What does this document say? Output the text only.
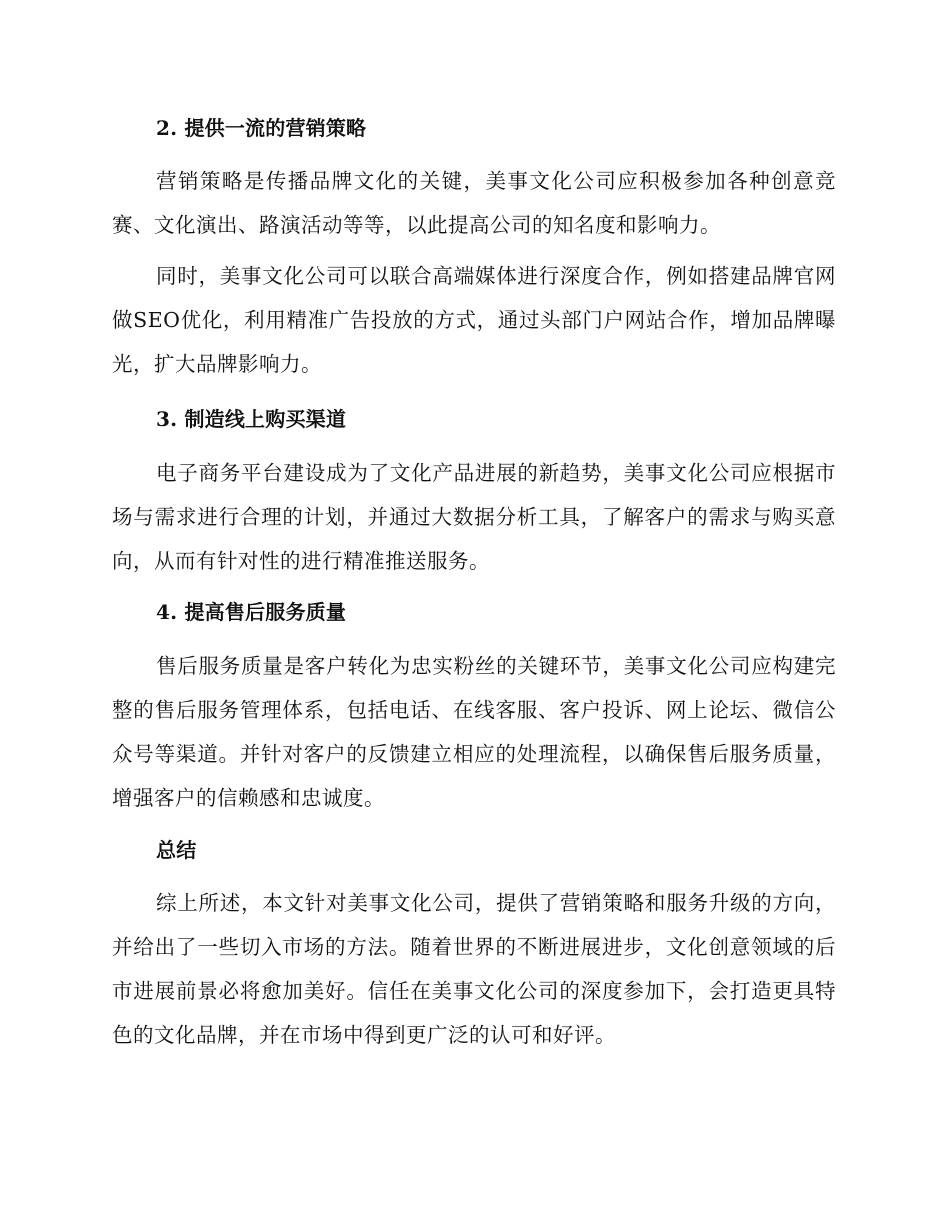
2. 提供一流的营销策略

营销策略是传播品牌文化的关键，美事文化公司应积极参加各种创意竞赛、文化演出、路演活动等等，以此提高公司的知名度和影响力。

同时，美事文化公司可以联合高端媒体进行深度合作，例如搭建品牌官网做SEO优化，利用精准广告投放的方式，通过头部门户网站合作，增加品牌曝光，扩大品牌影响力。

3. 制造线上购买渠道

电子商务平台建设成为了文化产品进展的新趋势，美事文化公司应根据市场与需求进行合理的计划，并通过大数据分析工具，了解客户的需求与购买意向，从而有针对性的进行精准推送服务。

4. 提高售后服务质量

售后服务质量是客户转化为忠实粉丝的关键环节，美事文化公司应构建完整的售后服务管理体系，包括电话、在线客服、客户投诉、网上论坛、微信公众号等渠道。并针对客户的反馈建立相应的处理流程，以确保售后服务质量，增强客户的信赖感和忠诚度。

总结

综上所述，本文针对美事文化公司，提供了营销策略和服务升级的方向，并给出了一些切入市场的方法。随着世界的不断进展进步，文化创意领域的后市进展前景必将愈加美好。信任在美事文化公司的深度参加下，会打造更具特色的文化品牌，并在市场中得到更广泛的认可和好评。
